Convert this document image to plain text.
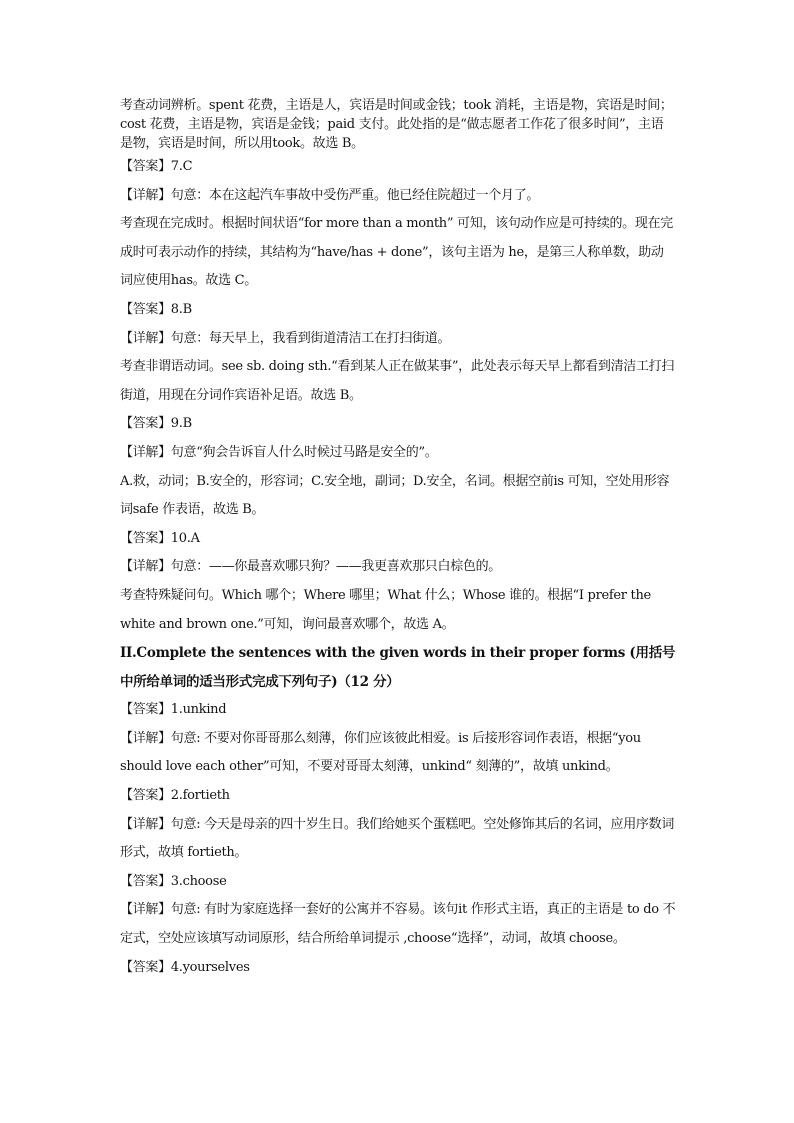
考查动词辨析。spent 花费，主语是人，宾语是时间或金钱；took 消耗，主语是物，宾语是时间；cost 花费，主语是物，宾语是金钱；paid 支付。此处指的是“做志愿者工作花了很多时间”，主语是物，宾语是时间，所以用took。故选 B。

【答案】7.C

【详解】句意：本在这起汽车事故中受伤严重。他已经住院超过一个月了。

考查现在完成时。根据时间状语“for more than a month” 可知，该句动作应是可持续的。现在完成时可表示动作的持续，其结构为“have/has + done”，该句主语为 he，是第三人称单数，助动词应使用has。故选 C。

【答案】8.B

【详解】句意：每天早上，我看到街道清洁工在打扫街道。

考查非谓语动词。see sb. doing sth.“看到某人正在做某事”，此处表示每天早上都看到清洁工打扫街道，用现在分词作宾语补足语。故选 B。

【答案】9.B

【详解】句意“狗会告诉盲人什么时候过马路是安全的”。

A.救，动词；B.安全的，形容词；C.安全地，副词；D.安全，名词。根据空前is 可知，空处用形容词safe 作表语，故选 B。

【答案】10.A

【详解】句意：——你最喜欢哪只狗？——我更喜欢那只白棕色的。

考查特殊疑问句。Which 哪个；Where 哪里；What 什么；Whose 谁的。根据“I prefer the white and brown one.”可知，询问最喜欢哪个，故选 A。

II.Complete the sentences with the given words in their proper forms (用括号中所给单词的适当形式完成下列句子)（12 分）

【答案】1.unkind

【详解】句意: 不要对你哥哥那么刻薄，你们应该彼此相爱。is 后接形容词作表语，根据“you should love each other”可知，不要对哥哥太刻薄，unkind“ 刻薄的”，故填 unkind。

【答案】2.fortieth

【详解】句意: 今天是母亲的四十岁生日。我们给她买个蛋糕吧。空处修饰其后的名词，应用序数词形式，故填 fortieth。

【答案】3.choose

【详解】句意: 有时为家庭选择一套好的公寓并不容易。该句it 作形式主语，真正的主语是 to do 不定式，空处应该填写动词原形，结合所给单词提示 ,choose“选择”，动词，故填 choose。

【答案】4.yourselves
